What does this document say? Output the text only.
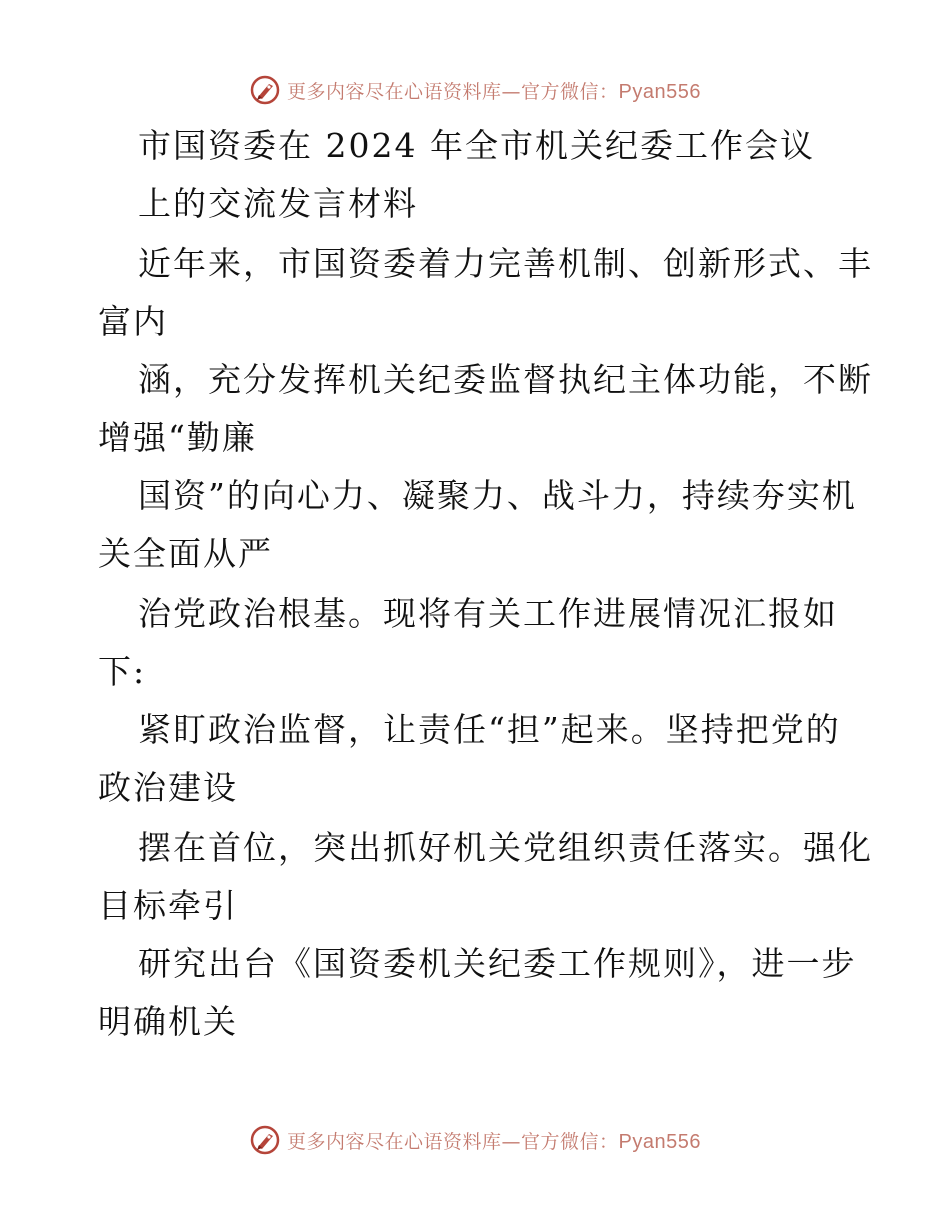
更多内容尽在心语资料库—官方微信：Pyan556
市国资委在 2024 年全市机关纪委工作会议
上的交流发言材料
近年来，市国资委着力完善机制、创新形式、丰
富内
涵，充分发挥机关纪委监督执纪主体功能，不断
增强“勤廉
国资”的向心力、凝聚力、战斗力，持续夯实机
关全面从严
治党政治根基。现将有关工作进展情况汇报如
下:
紧盯政治监督，让责任“担”起来。坚持把党的
政治建设
摆在首位，突出抓好机关党组织责任落实。强化
目标牵引
研究出台《国资委机关纪委工作规则》，进一步
明确机关
更多内容尽在心语资料库—官方微信：Pyan556
